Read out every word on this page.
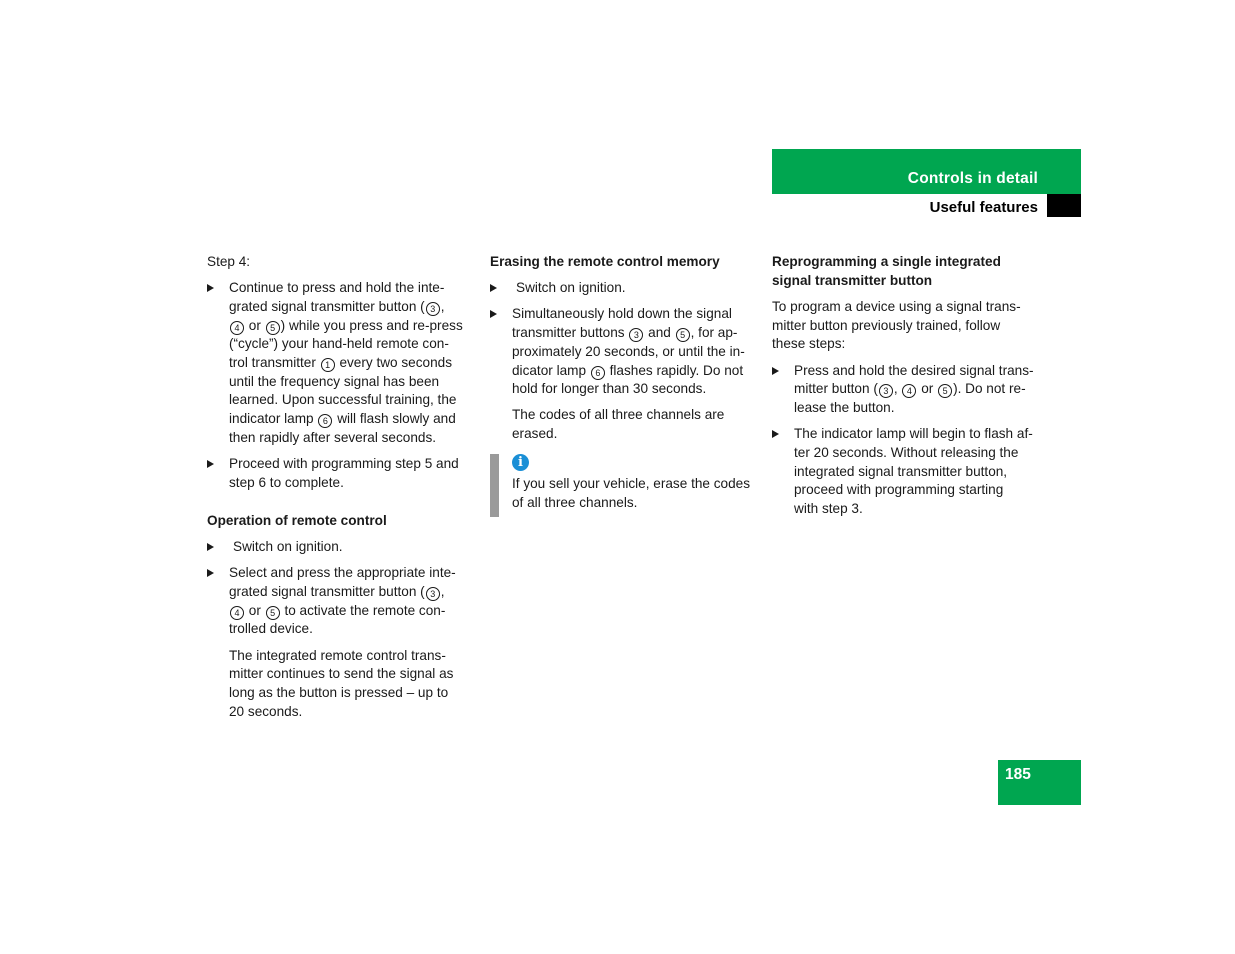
Controls in detail
Useful features

Step 4:

Continue to press and hold the inte-
grated signal transmitter button ( 3 ,
4 or 5 ) while you press and re-press
(“cycle”) your hand-held remote con-
trol transmitter 1 every two seconds
until the frequency signal has been
learned. Upon successful training, the
indicator lamp 6 will flash slowly and
then rapidly after several seconds.
Proceed with programming step 5 and step 6 to complete.

Operation of remote control

Switch on ignition.
Select and press the appropriate inte-
grated signal transmitter button ( 3 ,
4 or 5 to activate the remote con-
trolled device.
The integrated remote control trans-
mitter continues to send the signal as
long as the button is pressed – up to
20 seconds.

Erasing the remote control memory

Switch on ignition.
Simultaneously hold down the signal
transmitter buttons 3 and 5 , for ap-
proximately 20 seconds, or until the in-
dicator lamp 6 flashes rapidly. Do not
hold for longer than 30 seconds.
The codes of all three channels are
erased.
i
If you sell your vehicle, erase the codes
of all three channels.
Reprogramming a single integrated
signal transmitter button
To program a device using a signal trans-
mitter button previously trained, follow
these steps:
Press and hold the desired signal trans-
mitter button ( 3 , 4 or 5 ). Do not re-
lease the button.
The indicator lamp will begin to flash af-
ter 20 seconds. Without releasing the
integrated signal transmitter button,
proceed with programming starting
with step 3.
185
